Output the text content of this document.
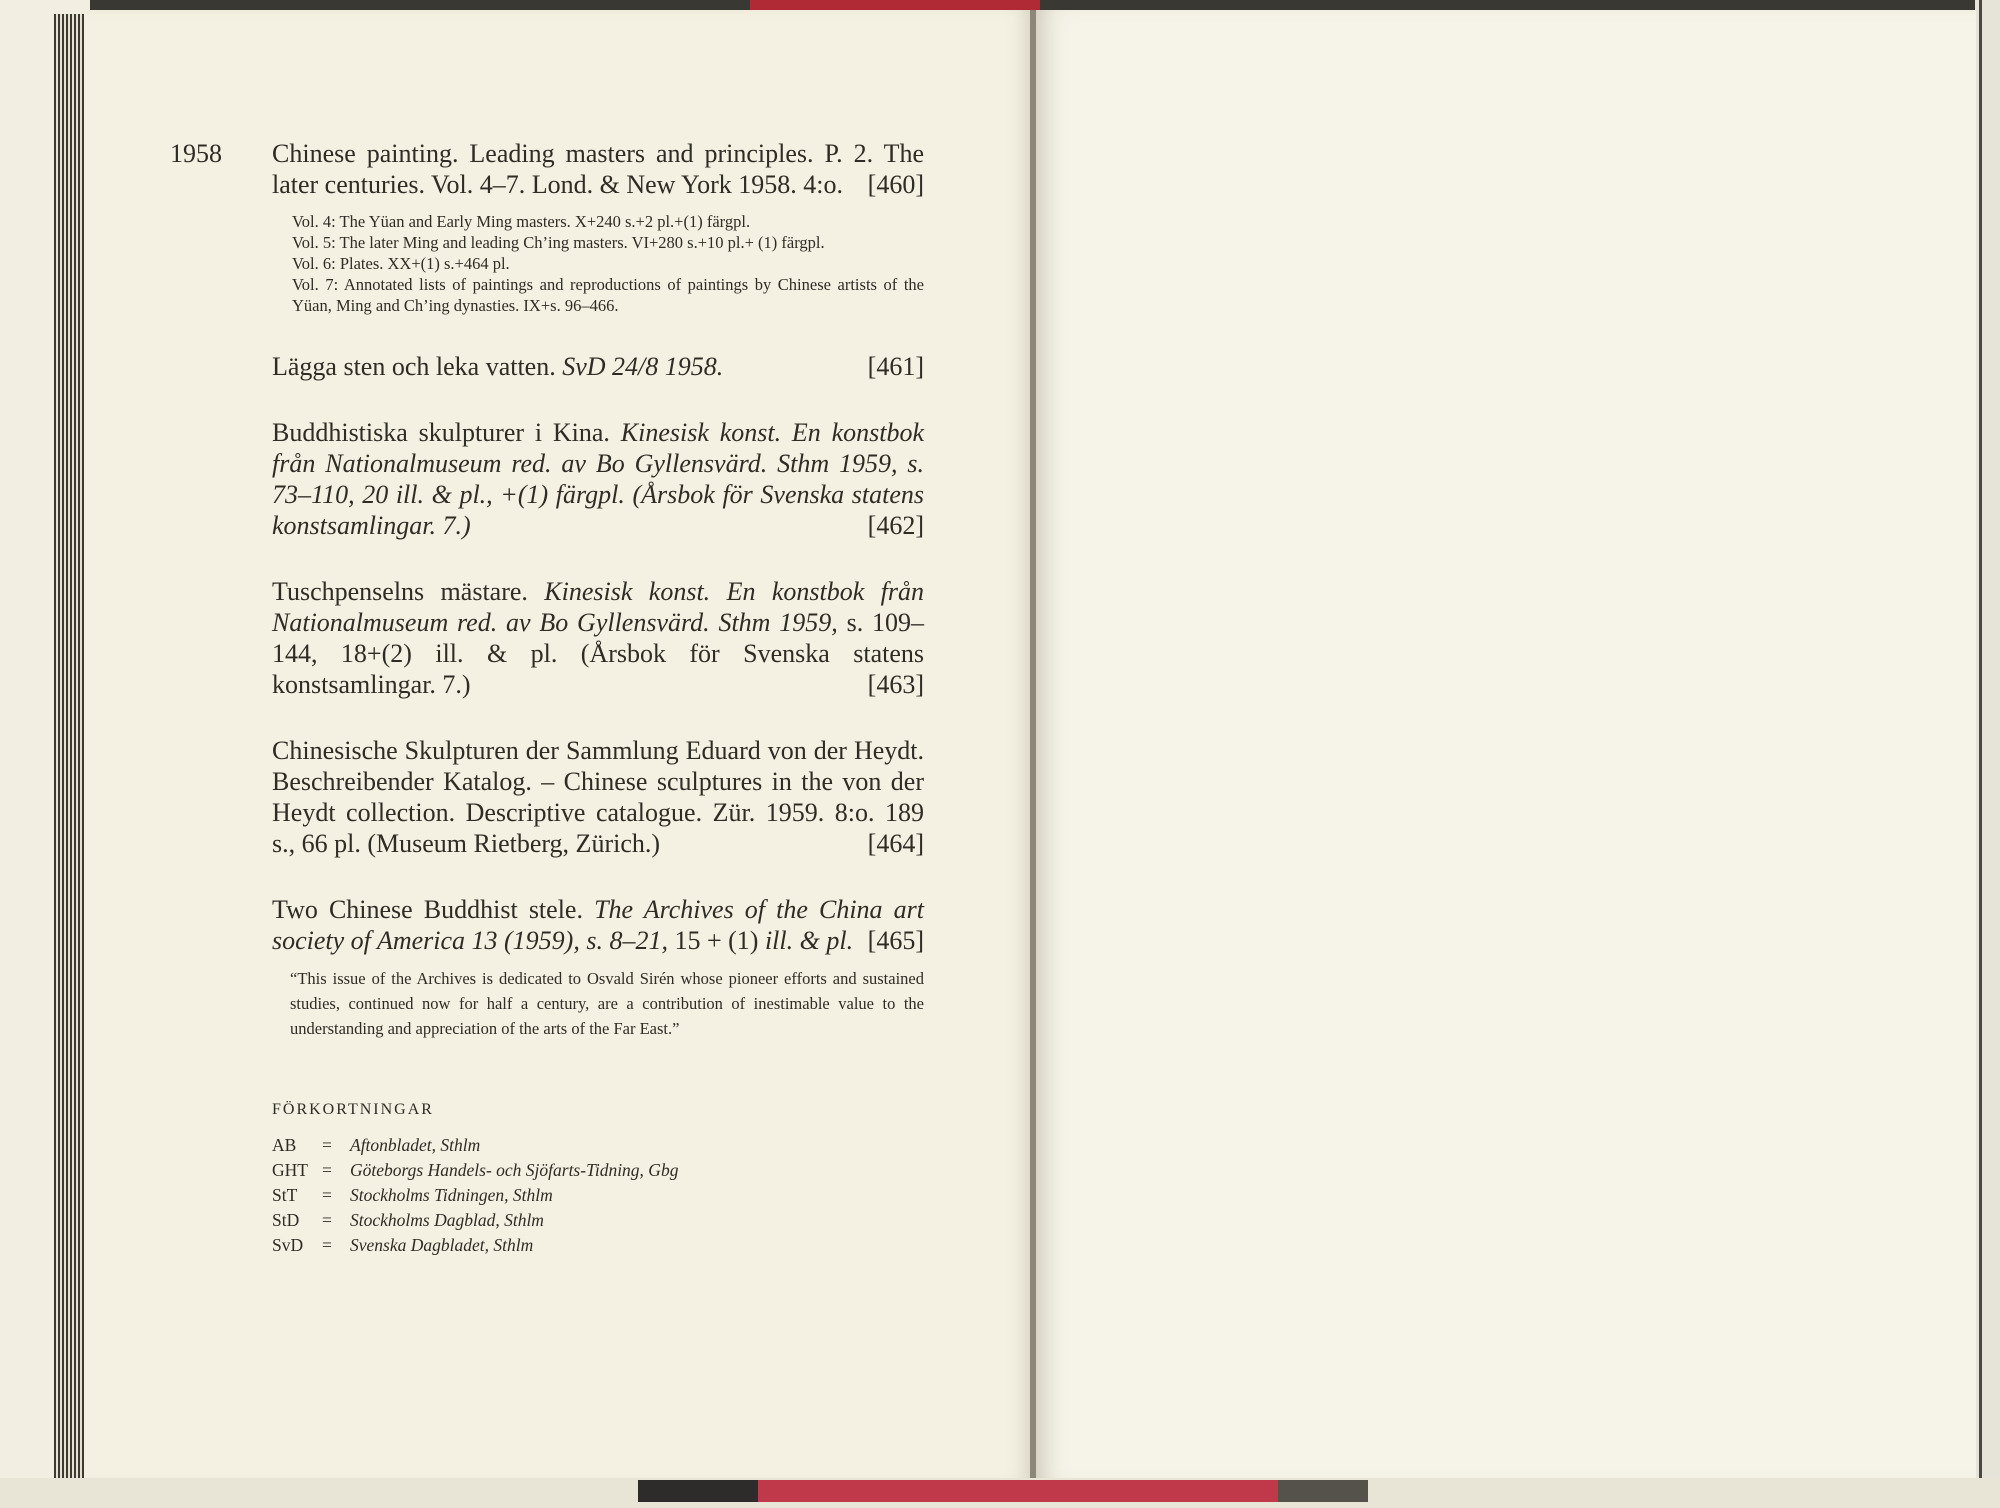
1958 Chinese painting. Leading masters and principles. P. 2. The later centuries. Vol. 4–7. Lond. & New York 1958. 4:o. [460]
Vol. 4: The Yüan and Early Ming masters. X+240 s.+2 pl.+(1) färgpl.
Vol. 5: The later Ming and leading Ch’ing masters. VI+280 s.+10 pl.+ (1) färgpl.
Vol. 6: Plates. XX+(1) s.+464 pl.
Vol. 7: Annotated lists of paintings and reproductions of paintings by Chinese artists of the Yüan, Ming and Ch’ing dynasties. IX+s. 96–466.
Lägga sten och leka vatten. SvD 24/8 1958.	[461]
Buddhistiska skulpturer i Kina. Kinesisk konst. En konstbok från Nationalmuseum red. av Bo Gyllensvärd. Sthm 1959, s. 73–110, 20 ill. & pl., +(1) färgpl. (Årsbok för Svenska statens konstsamlingar. 7.)	[462]
Tuschpenselns mästare. Kinesisk konst. En konstbok från Nationalmuseum red. av Bo Gyllensvärd. Sthm 1959, s. 109–144, 18+(2) ill. & pl. (Årsbok för Svenska statens konstsamlingar. 7.)	[463]
Chinesische Skulpturen der Sammlung Eduard von der Heydt. Beschreibender Katalog. – Chinese sculptures in the von der Heydt collection. Descriptive catalogue. Zür. 1959. 8:o. 189 s., 66 pl. (Museum Rietberg, Zürich.)	[464]
Two Chinese Buddhist stele. The Archives of the China art society of America 13 (1959), s. 8–21, 15 + (1) ill. & pl. [465]
“This issue of the Archives is dedicated to Osvald Sirén whose pioneer efforts and sustained studies, continued now for half a century, are a contribution of inestimable value to the understanding and appreciation of the arts of the Far East.”
FÖRKORTNINGAR
AB	=	Aftonbladet, Sthlm
GHT =	Göteborgs Handels- och Sjöfarts-Tidning, Gbg
StT	=	Stockholms Tidningen, Sthlm
StD	=	Stockholms Dagblad, Sthlm
SvD	=	Svenska Dagbladet, Sthlm
